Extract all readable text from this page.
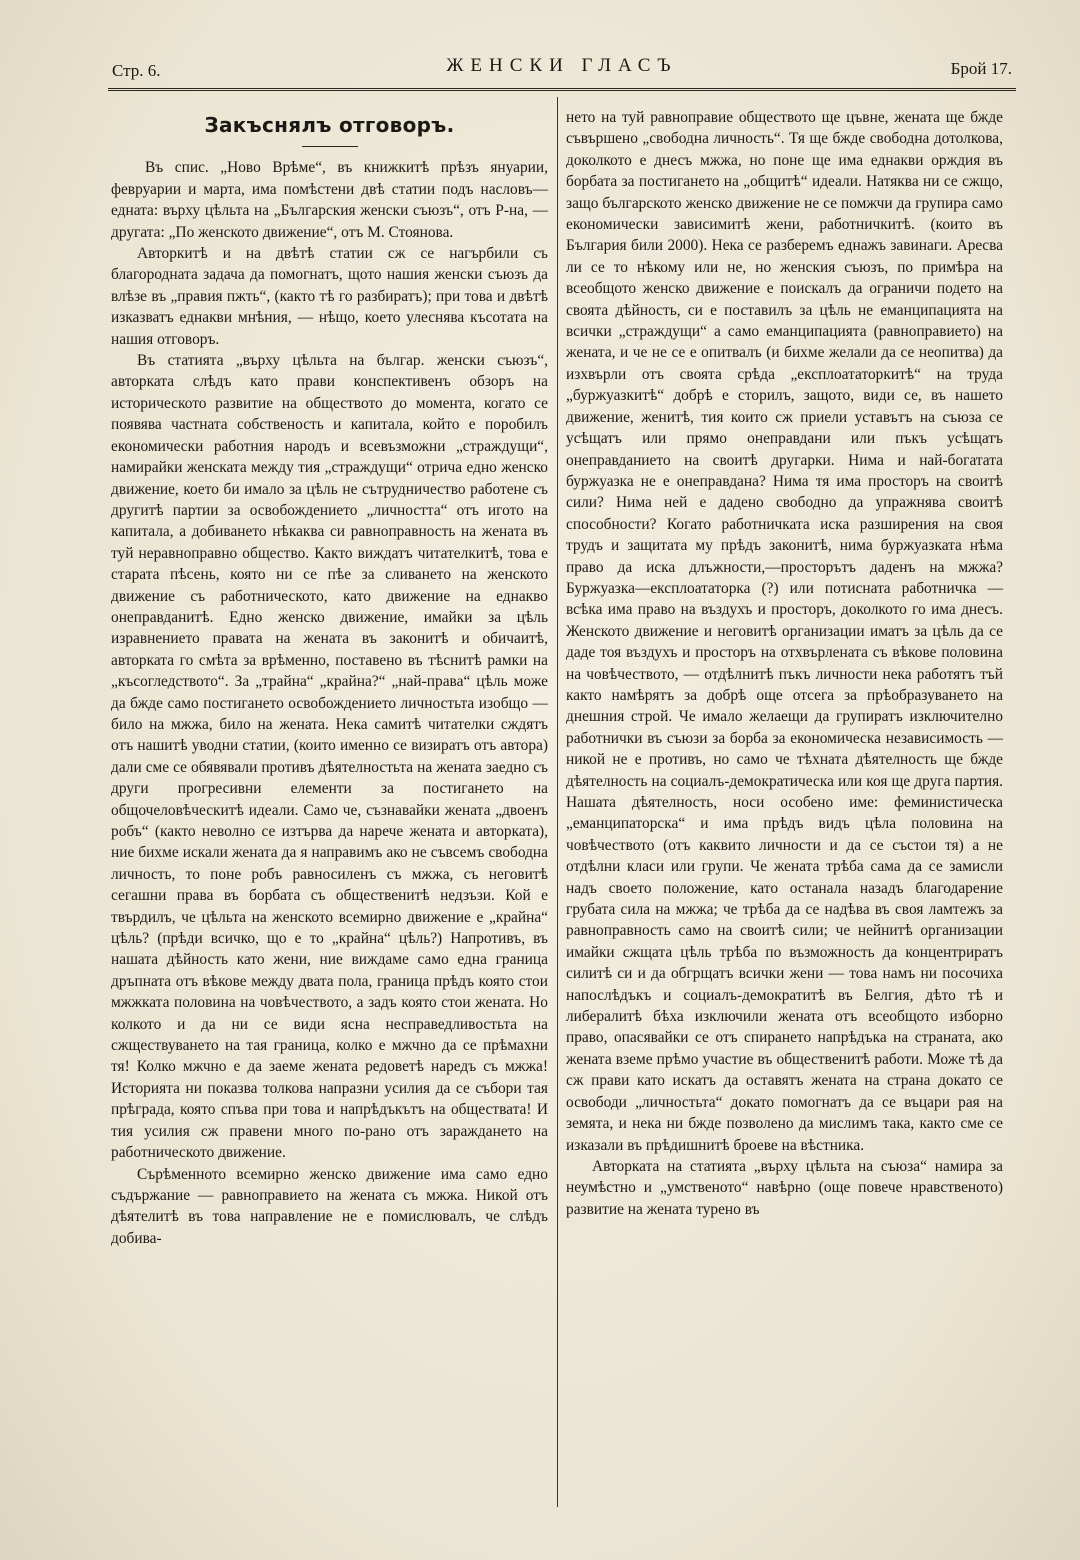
Стр. 6.	ЖЕНСКИ ГЛАСЪ	Брой 17.
Закъснялъ отговоръ.

Въ спис. „Ново Врѣме“, въ книжкитѣ прѣзъ януарии, февруарии и марта, има помѣстени двѣ статии подъ насловъ—едната: върху цѣльта на „Българския женски съюзъ“, отъ Р-на, — другата: „По женското движение“, отъ М. Стоянова.

Авторкитѣ и на двѣтѣ статии сж се нагърбили съ благородната задача да помогнатъ, щото нашия женски съюзъ да влѣзе въ „правия пжть“, (както тѣ го разбиратъ); при това и двѣтѣ изказватъ еднакви мнѣния, — нѣщо, което улеснява късотата на нашия отговоръ.

Въ статията „върху цѣльта на българ. женски съюзъ“, авторката слѣдъ като прави конспективенъ обзоръ на историческото развитие на обществото до момента, когато се появява частната собственость и капитала, който е поробилъ економически работния народъ и всевъзможни „страждущи“, намирайки женската между тия „страждущи“ отрича едно женско движение, което би имало за цѣль не сътрудничество работене съ другитѣ партии за освобождението „личността“ отъ игото на капитала, а добиването нѣкаква си равноправность на жената въ туй неравноправно общество. Както виждатъ читателкитѣ, това е старата пѣсень, която ни се пѣе за сливането на женското движение съ работническото, като движение на еднакво онеправданитѣ. Едно женско движение, имайки за цѣль изравнението правата на жената въ законитѣ и обичаитѣ, авторката го смѣта за врѣменно, поставено въ тѣснитѣ рамки на „късогледството“. За „трайна“ „крайна?“ „най-права“ цѣль може да бжде само постигането освобождението личностьта изобщо — било на мжжа, било на жената. Нека самитѣ читателки сждятъ отъ нашитѣ уводни статии, (които именно се визиратъ отъ автора) дали сме се обявявали противъ дѣятелностьта на жената заедно съ други прогресивни елементи за постигането на общочеловѣческитѣ идеали. Само че, съзнавайки жената „двоенъ робъ“ (както неволно се изтърва да нарече жената и авторката), ние бихме искали жената да я направимъ ако не съвсемъ свободна личность, то поне робъ равносиленъ съ мжжа, съ неговитѣ сегашни права въ борбата съ общественитѣ недзъзи. Кой е твърдилъ, че цѣльта на женското всемирно движение е „крайна“ цѣль? (прѣди всичко, що е то „крайна“ цѣль?) Напротивъ, въ нашата дѣйность като жени, ние виждаме само една граница дръпната отъ вѣкове между двата пола, граница прѣдъ която стои мжжката половина на човѣчеството, а задъ която стои жената. Но колкото и да ни се види ясна несправедливостьта на сжществуването на тая граница, колко е мжчно да се прѣмахни тя! Колко мжчно е да заеме жената редоветѣ наредъ съ мжжа! Историята ни показва толкова напразни усилия да се събори тая прѣграда, която спъва при това и напрѣдъкътъ на обществата! И тия усилия сж правени много по-рано отъ зараждането на работническото движение.

Сърѣменното всемирно женско движение има само едно съдържание — равноправието на жената съ мжжа. Никой отъ дѣятелитѣ въ това направление не е помислювалъ, че слѣдъ добива-

нето на туй равноправие обществото ще цъвне, жената ще бжде съвършено „свободна личность“. Тя ще бжде свободна дотолкова, доколкото е днесъ мжжа, но поне ще има еднакви орждия въ борбата за постигането на „общитѣ“ идеали. Натяква ни се сжщо, защо българското женско движение не се помжчи да групира само економически зависимитѣ жени, работничкитѣ. (които въ България били 2000). Нека се разберемъ еднажъ завинаги. Арeсва ли се то нѣкому или не, но женския съюзъ, по примѣра на всеобщото женско движение е поискалъ да ограничи подето на своята дѣйность, си е поставилъ за цѣль не еманципацията на всички „страждущи“ а само еманципацията (равноправието) на жената, и че не се е опитвалъ (и бихме желали да се неопитва) да изхвърли отъ своята срѣда „експлоататоркитѣ“ на труда „буржуазкитѣ“ добрѣ е сторилъ, защото, види се, въ нашето движение, женитѣ, тия които сж приели уставътъ на съюза се усѣщатъ или прямо онеправдани или пъкъ усѣщатъ онеправданието на своитѣ другарки. Нима и най-богатата буржуазка не е онеправдана? Нима тя има просторъ на своитѣ сили? Нима ней е дадено свободно да упражнява своитѣ способности? Когато работничката иска разширения на своя трудъ и защитата му прѣдъ законитѣ, нима буржуазката нѣма право да иска длъжности,—просторътъ даденъ на мжжа? Буржуазка—експлоататорка (?) или потиснатa работничка — всѣка има право на въздухъ и просторъ, доколкото го има днесъ. Женското движение и неговитѣ организации иматъ за цѣль да се даде тоя въздухъ и просторъ на отхвърлената съ вѣкове половина на човѣчеството, — отдѣлнитѣ пъкъ личности нека работятъ тъй както намѣрятъ за добрѣ още отсега за прѣобразуването на днешния строй. Че имало желаещи да групиратъ изключително работнички въ съюзи за борба за економическа независимость — никой не е противъ, но само че тѣхната дѣятелность ще бжде дѣятелность на социалъ-демократическа или коя ще друга партия. Нашата дѣятелность, носи особено име: феминистическа „еманципаторска“ и има прѣдъ видъ цѣла половина на човѣчеството (отъ каквито личности и да се състои тя) а не отдѣлни класи или групи. Че жената трѣба сама да се замисли надъ своето положение, като останала назадъ благодарение грубата сила на мжжа; че трѣба да се надѣва въ своя ламтежъ за равноправность само на своитѣ сили; че нейнитѣ организации имайки сжщата цѣль трѣба по възможность да концентриратъ силитѣ си и да обгрщатъ всички жени — това намъ ни посочиха напослѣдъкъ и социалъ-демократитѣ въ Белгия, дѣто тѣ и либералитѣ бѣха изключили жената отъ всеобщото изборно право, опасявайки се отъ спирането напрѣдъка на страната, ако жената взeме прѣмо участие въ общественитѣ работи. Може тѣ да сж прави като искатъ да оставятъ жената на страна докато се освободи „личностьта“ докато помогнатъ да се въцари рая на земята, и нека ни бжде позволено да мислимъ така, както сме се изказали въ прѣдишнитѣ броеве на вѣстника.

Авторката на статията „върху цѣльта на съюза“ намира за неумѣстно и „умственото“ навѣрно (още повече нравственото) развитие на жената турено въ
